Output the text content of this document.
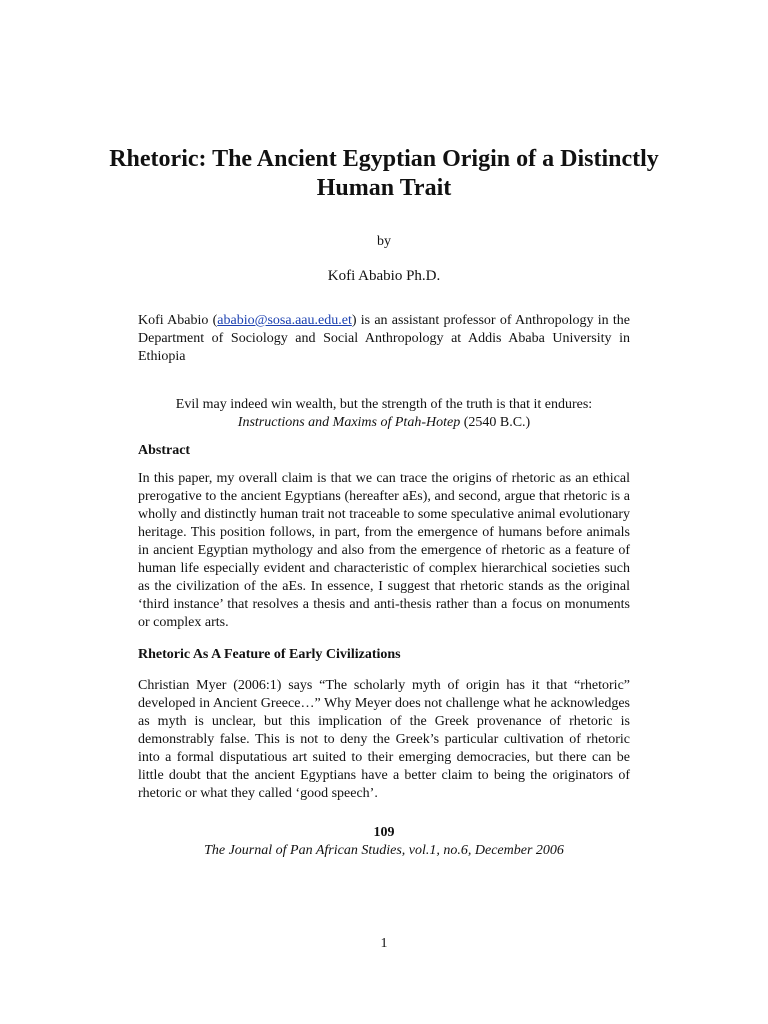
Rhetoric: The Ancient Egyptian Origin of a Distinctly Human Trait
by
Kofi Ababio Ph.D.

Kofi Ababio (ababio@sosa.aau.edu.et) is an assistant professor of Anthropology in the Department of Sociology and Social Anthropology at Addis Ababa University in Ethiopia

Evil may indeed win wealth, but the strength of the truth is that it endures:
Instructions and Maxims of Ptah-Hotep (2540 B.C.)
Abstract

In this paper, my overall claim is that we can trace the origins of rhetoric as an ethical prerogative to the ancient Egyptians (hereafter aEs), and second, argue that rhetoric is a wholly and distinctly human trait not traceable to some speculative animal evolutionary heritage. This position follows, in part, from the emergence of humans before animals in ancient Egyptian mythology and also from the emergence of rhetoric as a feature of human life especially evident and characteristic of complex hierarchical societies such as the civilization of the aEs. In essence, I suggest that rhetoric stands as the original ‘third instance’ that resolves a thesis and anti-thesis rather than a focus on monuments or complex arts.

Rhetoric As A Feature of Early Civilizations

Christian Myer (2006:1) says “The scholarly myth of origin has it that “rhetoric” developed in Ancient Greece…” Why Meyer does not challenge what he acknowledges as myth is unclear, but this implication of the Greek provenance of rhetoric is demonstrably false. This is not to deny the Greek’s particular cultivation of rhetoric into a formal disputatious art suited to their emerging democracies, but there can be little doubt that the ancient Egyptians have a better claim to being the originators of rhetoric or what they called ‘good speech’.

109
The Journal of Pan African Studies, vol.1, no.6, December 2006
1
